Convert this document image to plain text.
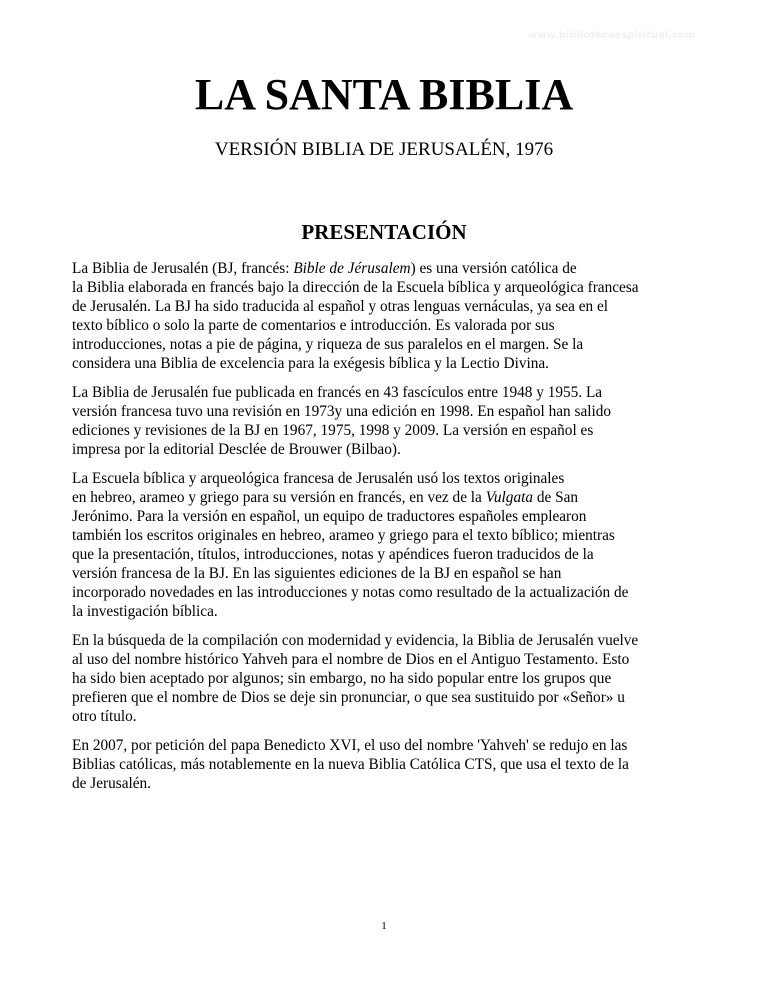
www.bibliotecaespiritual.com
LA SANTA BIBLIA
VERSIÓN BIBLIA DE JERUSALÉN, 1976
PRESENTACIÓN

La Biblia de Jerusalén (BJ, francés: Bible de Jérusalem) es una versión católica de
la Biblia elaborada en francés bajo la dirección de la Escuela bíblica y arqueológica francesa
de Jerusalén. La BJ ha sido traducida al español y otras lenguas vernáculas, ya sea en el
texto bíblico o solo la parte de comentarios e introducción. Es valorada por sus
introducciones, notas a pie de página, y riqueza de sus paralelos en el margen. Se la
considera una Biblia de excelencia para la exégesis bíblica y la Lectio Divina.

La Biblia de Jerusalén fue publicada en francés en 43 fascículos entre 1948 y 1955. La
versión francesa tuvo una revisión en 1973y una edición en 1998. En español han salido
ediciones y revisiones de la BJ en 1967, 1975, 1998 y 2009. La versión en español es
impresa por la editorial Desclée de Brouwer (Bilbao).

La Escuela bíblica y arqueológica francesa de Jerusalén usó los textos originales
en hebreo, arameo y griego para su versión en francés, en vez de la Vulgata de San
Jerónimo. Para la versión en español, un equipo de traductores españoles emplearon
también los escritos originales en hebreo, arameo y griego para el texto bíblico; mientras
que la presentación, títulos, introducciones, notas y apéndices fueron traducidos de la
versión francesa de la BJ. En las siguientes ediciones de la BJ en español se han
incorporado novedades en las introducciones y notas como resultado de la actualización de
la investigación bíblica.

En la búsqueda de la compilación con modernidad y evidencia, la Biblia de Jerusalén vuelve
al uso del nombre histórico Yahveh para el nombre de Dios en el Antiguo Testamento. Esto
ha sido bien aceptado por algunos; sin embargo, no ha sido popular entre los grupos que
prefieren que el nombre de Dios se deje sin pronunciar, o que sea sustituido por «Señor» u
otro título.

En 2007, por petición del papa Benedicto XVI, el uso del nombre 'Yahveh' se redujo en las
Biblias católicas, más notablemente en la nueva Biblia Católica CTS, que usa el texto de la
de Jerusalén.

1
